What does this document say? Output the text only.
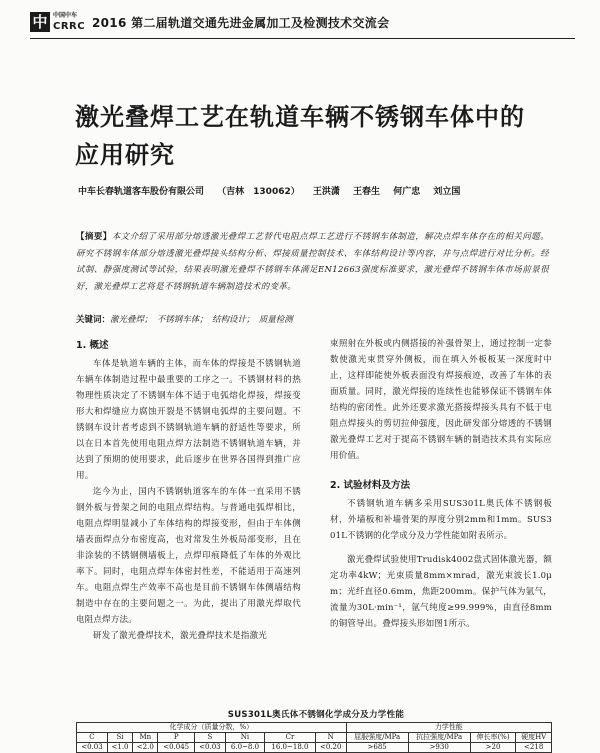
中 中国中车
CRRC 2016 第二届轨道交通先进金属加工及检测技术交流会
激光叠焊工艺在轨道车辆不锈钢车体中的应用研究
中车长春轨道客车股份有限公司 （吉林　130062） 王洪潇 王春生 何广忠 刘立国
【摘要】本文介绍了采用部分熔透激光叠焊工艺替代电阻点焊工艺进行不锈钢车体制造，解决点焊车体存在的相关问题。研究不锈钢车体部分熔透激光叠焊接头结构分析、焊接质量控制技术、车体结构设计等内容，并与点焊进行对比分析。经试制、静强度测试等试验，结果表明激光叠焊不锈钢车体满足EN12663强度标准要求，激光叠焊不锈钢车体市场前景很好，激光叠焊工艺将是不锈钢轨道车辆制造技术的变革。
关键词：激光叠焊；　不锈钢车体；　结构设计；　质量检测
1. 概述

车体是轨道车辆的主体，而车体的焊接是不锈钢轨道车辆车体制造过程中最重要的工序之一。不锈钢材料的热物理性质决定了不锈钢车体不适于电弧熔化焊接，焊接变形大和焊缝应力腐蚀开裂是不锈钢电弧焊的主要问题。不锈钢车设计者考虑到不锈钢轨道车辆的舒适性等要求，所以在日本首先使用电阻点焊方法制造不锈钢轨道车辆，并达到了预期的使用要求，此后逐步在世界各国得到推广应用。

迄今为止，国内不锈钢轨道客车的车体一直采用不锈钢外板与骨架之间的电阻点焊结构。与普通电弧焊相比，电阻点焊明显减小了车体结构的焊接变形，但由于车体侧墙表面焊点分布密度高，也对常发生外板局部变形，且在非涂装的不锈钢侧墙板上，点焊印痕降低了车体的外观比率下。同时，电阻点焊车体密封性差，不能适用于高速列车。电阻点焊生产效率不高也是目前不锈钢车体侧墙结构制造中存在的主要问题之一。为此，提出了用激光焊取代电阻点焊方法。

研发了激光叠焊技术，激光叠焊技术是指激光

束照射在外板或内侧搭接的补强骨架上，通过控制一定参数使激光束贯穿外侧板，而在填入外板板某一深度时中止，这样即能使外板表面没有焊接痕迹，改善了车体的表面质量。同时，激光焊接的连续性也能够保证不锈钢车体结构的密闭性。此外还要求激光搭接焊接头具有不低于电阻点焊接头的剪切拉伸强度，因此研发部分熔透的不锈钢激光叠焊工艺对于提高不锈钢车辆的制造技术具有实际应用价值。

2. 试验材料及方法

不锈钢轨道车辆多采用SUS301L奥氏体不锈钢板材，外墙板和补墙骨架的厚度分别2mm和1mm。SUS301L不锈钢的化学成分及力学性能如附表所示。

激光叠焊试验使用Trudisk4002盘式固体激光器，额定功率4kW；光束质量8mm×mrad，激光束波长1.0μm；光纤直径0.6mm，焦距200mm。保护气体为氩气，流量为30L·min⁻¹，氩气纯度≥99.999%，由直径8mm的铜管导出。叠焊接头形如图1所示。

SUS301L奥氏体不锈钢化学成分及力学性能
化学成分（质量分数，%）								力学性能			
C	Si	Mn	P	S	Ni	Cr	N	屈服强度/MPa	抗拉强度/MPa	伸长率(%)	硬度HV
<0.03	<1.0	<2.0	<0.045	<0.03	6.0~8.0	16.0~18.0	<0.20	>685	>930	>20	<218
